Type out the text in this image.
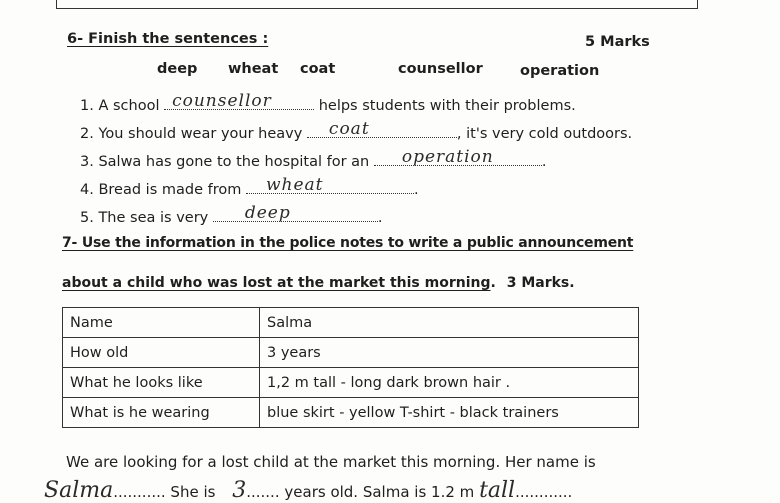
6- Finish the sentences :	5 Marks
deep wheat coat	counsellor	operation
1. A school counsellor	helps students with their problems.
2. You should wear your heavy coat	, it's very cold outdoors.
3. Salwa has gone to the hospital for an operation	.
4. Bread is made from wheat	.
5. The sea is very deep	.
7- Use the information in the police notes to write a public announcement
about a child who was lost at the market this morning. 3 Marks.
Name	Salma
How old	3 years
What he looks like	1,2 m tall - long dark brown hair .
What is he wearing	blue skirt - yellow T-shirt - black trainers
We are looking for a lost child at the market this morning. Her name is
Salma........... She is 3....... years old. Salma is 1.2 m tall............
